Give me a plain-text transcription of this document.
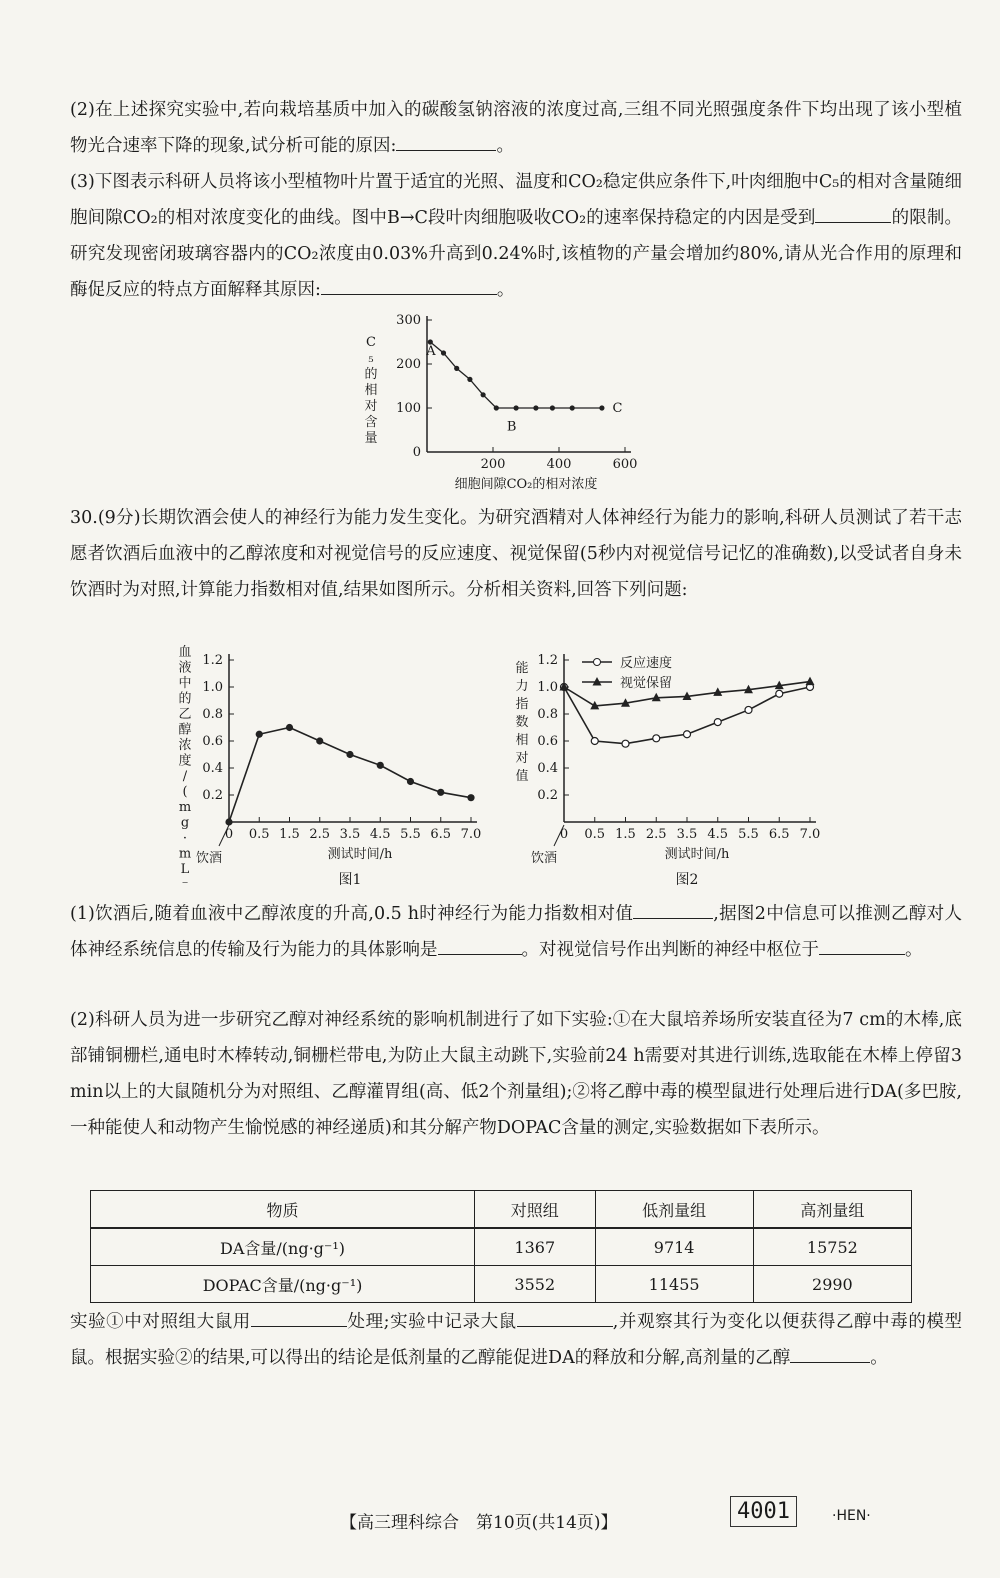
(2)在上述探究实验中,若向栽培基质中加入的碳酸氢钠溶液的浓度过高,三组不同光照强度条件下均出现了该小型植物光合速率下降的现象,试分析可能的原因:	。
(3)下图表示科研人员将该小型植物叶片置于适宜的光照、温度和CO₂稳定供应条件下,叶肉细胞中C₅的相对含量随细胞间隙CO₂的相对浓度变化的曲线。图中B→C段叶肉细胞吸收CO₂的速率保持稳定的内因是受到	的限制。研究发现密闭玻璃容器内的CO₂浓度由0.03%升高到0.24%时,该植物的产量会增加约80%,请从光合作用的原理和酶促反应的特点方面解释其原因:	。
0
100
200
300
200	400	600
A
B
C
细胞间隙CO₂的相对浓度
C
₅
的
相
对
含
量
30.(9分)长期饮酒会使人的神经行为能力发生变化。为研究酒精对人体神经行为能力的影响,科研人员测试了若干志愿者饮酒后血液中的乙醇浓度和对视觉信号的反应速度、视觉保留(5秒内对视觉信号记忆的准确数),以受试者自身未饮酒时为对照,计算能力指数相对值,结果如图所示。分析相关资料,回答下列问题:
0.2
0.4
0.6
0.8
1.0
1.2
0 0.5 1.5 2.5 3.5 4.5 5.5 6.5 7.0
测试时间/h
饮酒
图1
血
液
中
的
乙
醇
浓
度
/
(
m
g
·
m
L
⁻
0.2
0.4
0.6
0.8
1.0
1.2
0 0.5 1.5 2.5 3.5 4.5 5.5 6.5 7.0
测试时间/h
饮酒
图2
反应速度
视觉保留
能
力
指
数
相
对
值
(1)饮酒后,随着血液中乙醇浓度的升高,0.5 h时神经行为能力指数相对值	,据图2中信息可以推测乙醇对人体神经系统信息的传输及行为能力的具体影响是	。对视觉信号作出判断的神经中枢位于	。
(2)科研人员为进一步研究乙醇对神经系统的影响机制进行了如下实验:①在大鼠培养场所安装直径为7 cm的木棒,底部铺铜栅栏,通电时木棒转动,铜栅栏带电,为防止大鼠主动跳下,实验前24 h需要对其进行训练,选取能在木棒上停留3 min以上的大鼠随机分为对照组、乙醇灌胃组(高、低2个剂量组);②将乙醇中毒的模型鼠进行处理后进行DA(多巴胺,一种能使人和动物产生愉悦感的神经递质)和其分解产物DOPAC含量的测定,实验数据如下表所示。
物质	对照组	低剂量组	高剂量组
DA含量/(ng·g⁻¹)	1367	9714	15752
DOPAC含量/(ng·g⁻¹)	3552	11455	2990
实验①中对照组大鼠用	处理;实验中记录大鼠	,并观察其行为变化以便获得乙醇中毒的模型鼠。根据实验②的结果,可以得出的结论是低剂量的乙醇能促进DA的释放和分解,高剂量的乙醇	。
【高三理科综合　第10页(共14页)】	4001	·HEN·
